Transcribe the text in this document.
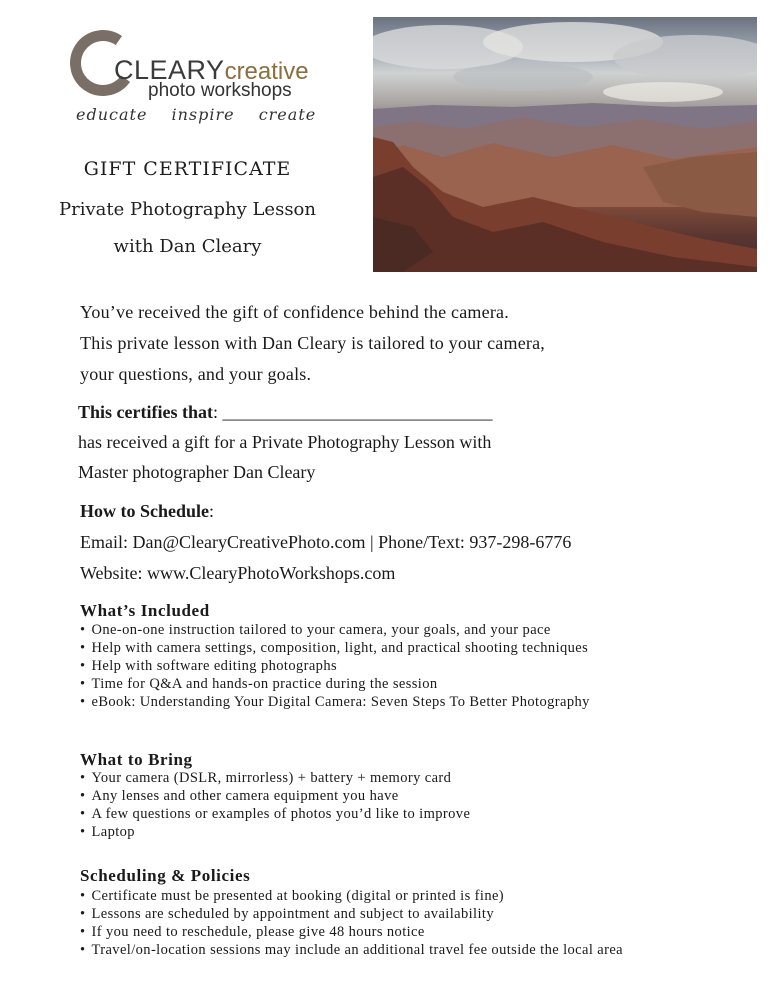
CLEARYcreative
photo workshops
educate inspire create
GIFT CERTIFICATE
Private Photography Lesson
with Dan Cleary
You’ve received the gift of confidence behind the camera.
This private lesson with Dan Cleary is tailored to your camera,
your questions, and your goals.
This certifies that: ______________________________
has received a gift for a Private Photography Lesson with
Master photographer Dan Cleary
How to Schedule:
Email: Dan@ClearyCreativePhoto.com | Phone/Text: 937-298-6776
Website: www.ClearyPhotoWorkshops.com
What’s Included
• One-on-one instruction tailored to your camera, your goals, and your pace
• Help with camera settings, composition, light, and practical shooting techniques
• Help with software editing photographs
• Time for Q&A and hands-on practice during the session
• eBook: Understanding Your Digital Camera: Seven Steps To Better Photography
What to Bring
• Your camera (DSLR, mirrorless) + battery + memory card
• Any lenses and other camera equipment you have
• A few questions or examples of photos you’d like to improve
• Laptop
Scheduling & Policies
• Certificate must be presented at booking (digital or printed is fine)
• Lessons are scheduled by appointment and subject to availability
• If you need to reschedule, please give 48 hours notice
• Travel/on-location sessions may include an additional travel fee outside the local area
